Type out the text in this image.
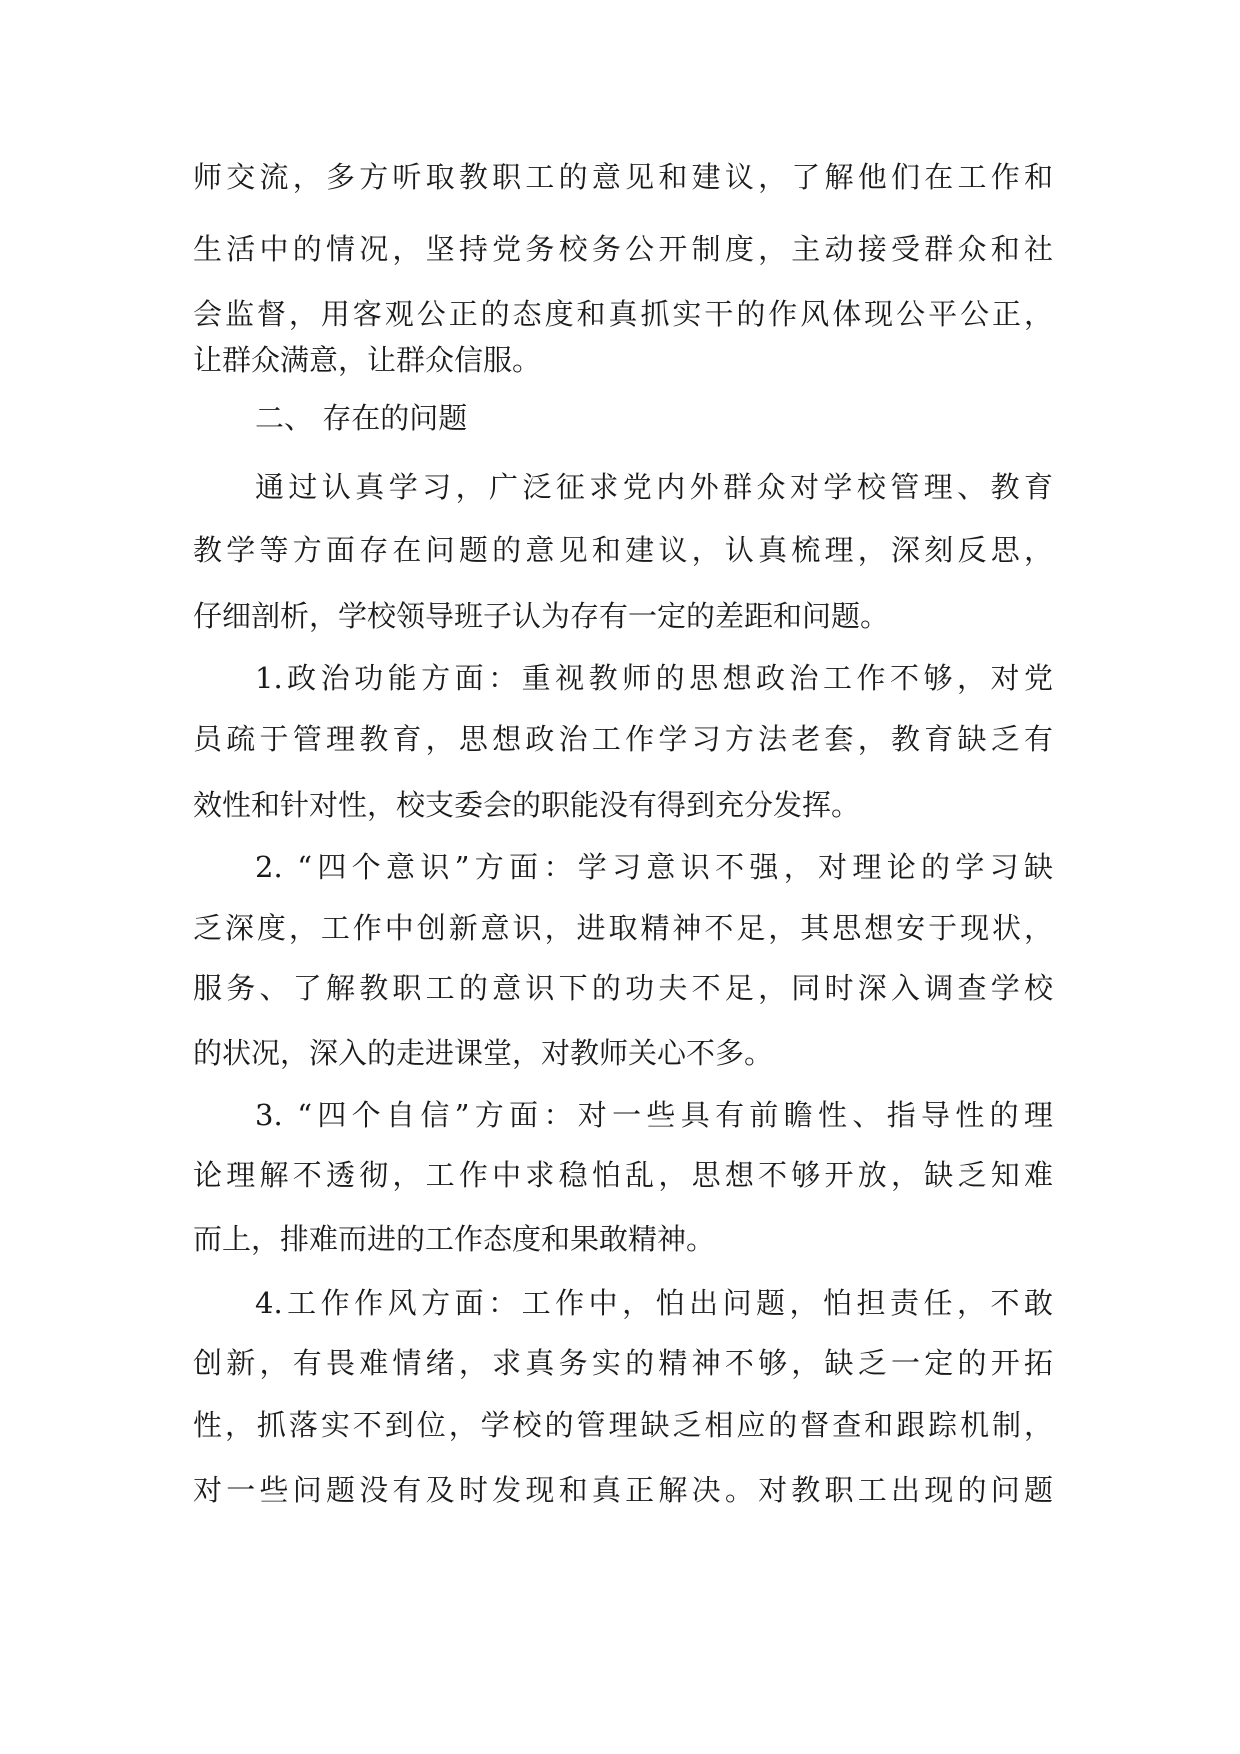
师交流，多方听取教职工的意见和建议，了解他们在工作和
生活中的情况，坚持党务校务公开制度，主动接受群众和社
会监督，用客观公正的态度和真抓实干的作风体现公平公正，
让群众满意，让群众信服。
二、 存在的问题
通过认真学习，广泛征求党内外群众对学校管理、教育
教学等方面存在问题的意见和建议，认真梳理，深刻反思，
仔细剖析，学校领导班子认为存有一定的差距和问题。
1.政治功能方面：重视教师的思想政治工作不够，对党
员疏于管理教育，思想政治工作学习方法老套，教育缺乏有
效性和针对性，校支委会的职能没有得到充分发挥。
2. “四个意识”方面：学习意识不强，对理论的学习缺
乏深度，工作中创新意识，进取精神不足，其思想安于现状，
服务、了解教职工的意识下的功夫不足，同时深入调查学校
的状况，深入的走进课堂，对教师关心不多。
3. “四个自信”方面：对一些具有前瞻性、指导性的理
论理解不透彻，工作中求稳怕乱，思想不够开放，缺乏知难
而上，排难而进的工作态度和果敢精神。
4.工作作风方面：工作中，怕出问题，怕担责任，不敢
创新，有畏难情绪，求真务实的精神不够，缺乏一定的开拓
性，抓落实不到位，学校的管理缺乏相应的督查和跟踪机制，
对一些问题没有及时发现和真正解决。对教职工出现的问题
